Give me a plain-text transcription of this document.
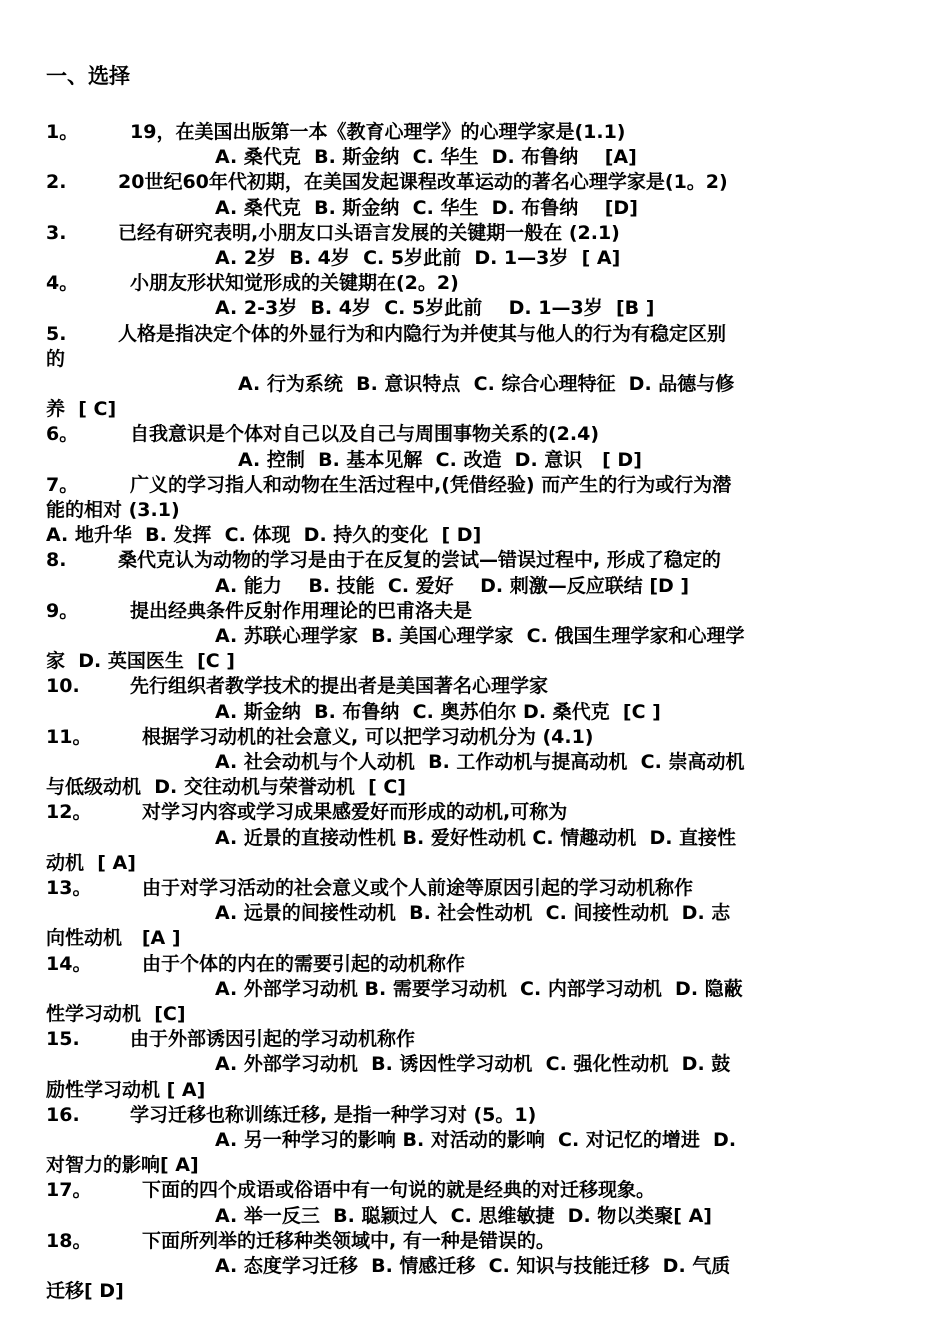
一、选择
1。	19，在美国出版第一本《教育心理学》的心理学家是(1.1)
A. 桑代克  B. 斯金纳  C. 华生  D. 布鲁纳    [A]
2.	20世纪60年代初期，在美国发起课程改革运动的著名心理学家是(1。2)
A. 桑代克  B. 斯金纳  C. 华生  D. 布鲁纳    [D]
3.	已经有研究表明,小朋友口头语言发展的关键期一般在 (2.1)
A. 2岁  B. 4岁  C. 5岁此前  D. 1—3岁  [ A]
4。	小朋友形状知觉形成的关键期在(2。2)
A. 2-3岁  B. 4岁  C. 5岁此前    D. 1—3岁  [B ]
5.	人格是指决定个体的外显行为和内隐行为并使其与他人的行为有稳定区别
的
A. 行为系统  B. 意识特点  C. 综合心理特征  D. 品德与修
养  [ C]
6。	自我意识是个体对自己以及自己与周围事物关系的(2.4)
A. 控制  B. 基本见解  C. 改造  D. 意识   [ D]
7。	广义的学习指人和动物在生活过程中,(凭借经验) 而产生的行为或行为潜
能的相对 (3.1)
A. 地升华  B. 发挥  C. 体现  D. 持久的变化  [ D]
8.	桑代克认为动物的学习是由于在反复的尝试—错误过程中, 形成了稳定的
A. 能力    B. 技能  C. 爱好    D. 刺激—反应联结 [D ]
9。	提出经典条件反射作用理论的巴甫洛夫是
A. 苏联心理学家  B. 美国心理学家  C. 俄国生理学家和心理学
家  D. 英国医生  [C ]
10.	先行组织者教学技术的提出者是美国著名心理学家
A. 斯金纳  B. 布鲁纳  C. 奥苏伯尔 D. 桑代克  [C ]
11。	根据学习动机的社会意义, 可以把学习动机分为 (4.1)
A. 社会动机与个人动机  B. 工作动机与提高动机  C. 崇高动机
与低级动机  D. 交往动机与荣誉动机  [ C]
12。	对学习内容或学习成果感爱好而形成的动机,可称为
A. 近景的直接动性机 B. 爱好性动机 C. 情趣动机  D. 直接性
动机  [ A]
13。	由于对学习活动的社会意义或个人前途等原因引起的学习动机称作
A. 远景的间接性动机  B. 社会性动机  C. 间接性动机  D. 志
向性动机   [A ]
14。	由于个体的内在的需要引起的动机称作
A. 外部学习动机 B. 需要学习动机  C. 内部学习动机  D. 隐蔽
性学习动机  [C]
15.	由于外部诱因引起的学习动机称作
A. 外部学习动机  B. 诱因性学习动机  C. 强化性动机  D. 鼓
励性学习动机 [ A]
16.	学习迁移也称训练迁移, 是指一种学习对 (5。1)
A. 另一种学习的影响 B. 对活动的影响  C. 对记忆的增进  D.
对智力的影响[ A]
17。	下面的四个成语或俗语中有一句说的就是经典的对迁移现象。
A. 举一反三  B. 聪颖过人  C. 思维敏捷  D. 物以类聚[ A]
18。	下面所列举的迁移种类领域中, 有一种是错误的。
A. 态度学习迁移  B. 情感迁移  C. 知识与技能迁移  D. 气质
迁移[ D]
